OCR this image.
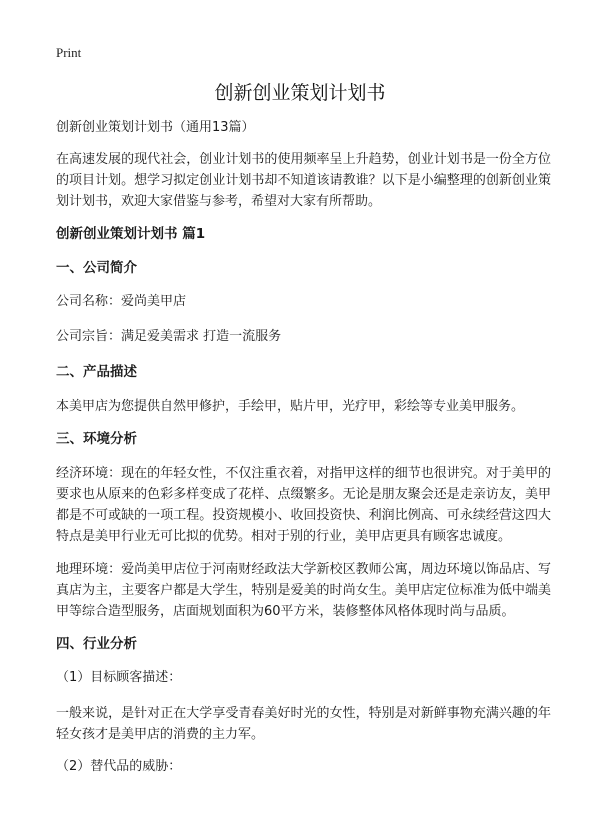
Print
创新创业策划计划书
创新创业策划计划书（通用13篇）

在高速发展的现代社会，创业计划书的使用频率呈上升趋势，创业计划书是一份全方位的项目计划。想学习拟定创业计划书却不知道该请教谁？以下是小编整理的创新创业策划计划书，欢迎大家借鉴与参考，希望对大家有所帮助。

创新创业策划计划书 篇1
一、公司简介
公司名称：爱尚美甲店
公司宗旨：满足爱美需求 打造一流服务
二、产品描述

本美甲店为您提供自然甲修护，手绘甲，贴片甲，光疗甲，彩绘等专业美甲服务。

三、环境分析

经济环境：现在的年轻女性，不仅注重衣着，对指甲这样的细节也很讲究。对于美甲的要求也从原来的色彩多样变成了花样、点缀繁多。无论是朋友聚会还是走亲访友，美甲都是不可或缺的一项工程。投资规模小、收回投资快、利润比例高、可永续经营这四大特点是美甲行业无可比拟的优势。相对于别的行业，美甲店更具有顾客忠诚度。

地理环境：爱尚美甲店位于河南财经政法大学新校区教师公寓，周边环境以饰品店、写真店为主，主要客户都是大学生，特别是爱美的时尚女生。美甲店定位标准为低中端美甲等综合造型服务，店面规划面积为60平方米，装修整体风格体现时尚与品质。

四、行业分析
（1）目标顾客描述：

一般来说，是针对正在大学享受青春美好时光的女性，特别是对新鲜事物充满兴趣的年轻女孩才是美甲店的消费的主力军。

（2）替代品的威胁：
